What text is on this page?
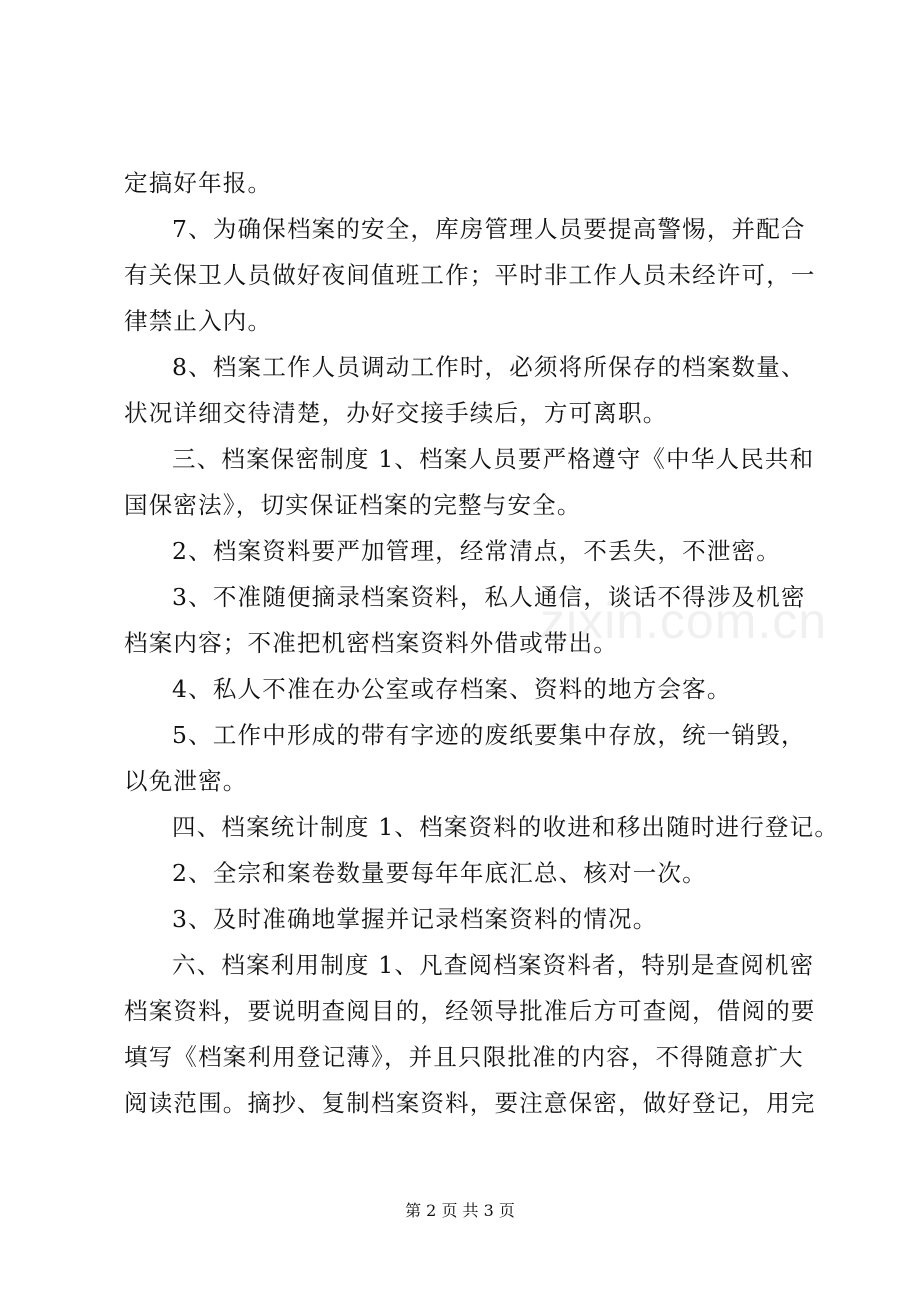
zixin.com.cn
定搞好年报。
7、为确保档案的安全，库房管理人员要提高警惕，并配合
有关保卫人员做好夜间值班工作；平时非工作人员未经许可，一
律禁止入内。
8、档案工作人员调动工作时，必须将所保存的档案数量、
状况详细交待清楚，办好交接手续后，方可离职。
三、档案保密制度 1、档案人员要严格遵守《中华人民共和
国保密法》，切实保证档案的完整与安全。
2、档案资料要严加管理，经常清点，不丢失，不泄密。
3、不准随便摘录档案资料，私人通信，谈话不得涉及机密
档案内容；不准把机密档案资料外借或带出。
4、私人不准在办公室或存档案、资料的地方会客。
5、工作中形成的带有字迹的废纸要集中存放，统一销毁，
以免泄密。
四、档案统计制度 1、档案资料的收进和移出随时进行登记。
2、全宗和案卷数量要每年年底汇总、核对一次。
3、及时准确地掌握并记录档案资料的情况。
六、档案利用制度 1、凡查阅档案资料者，特别是查阅机密
档案资料，要说明查阅目的，经领导批准后方可查阅，借阅的要
填写《档案利用登记薄》，并且只限批准的内容，不得随意扩大
阅读范围。摘抄、复制档案资料，要注意保密，做好登记，用完
第 2 页 共 3 页
